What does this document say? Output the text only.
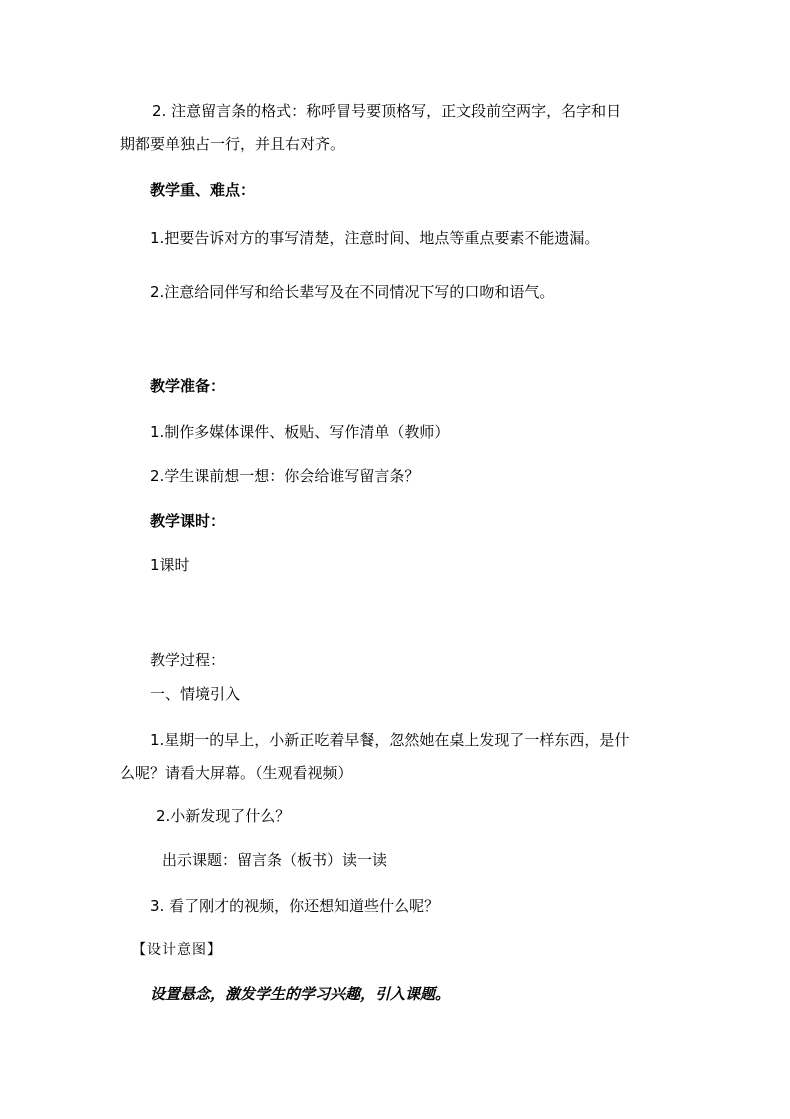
2. 注意留言条的格式：称呼冒号要顶格写，正文段前空两字，名字和日
期都要单独占一行，并且右对齐。
教学重、难点：
1.把要告诉对方的事写清楚，注意时间、地点等重点要素不能遗漏。
2.注意给同伴写和给长辈写及在不同情况下写的口吻和语气。
教学准备：
1.制作多媒体课件、板贴、写作清单（教师）
2.学生课前想一想：你会给谁写留言条？
教学课时：
1课时
教学过程：
一、情境引入
1.星期一的早上，小新正吃着早餐，忽然她在桌上发现了一样东西，是什
么呢？请看大屏幕。（生观看视频）
2.小新发现了什么？
出示课题：留言条（板书）读一读
3. 看了刚才的视频，你还想知道些什么呢？
【设计意图】
设置悬念，激发学生的学习兴趣，引入课题。
